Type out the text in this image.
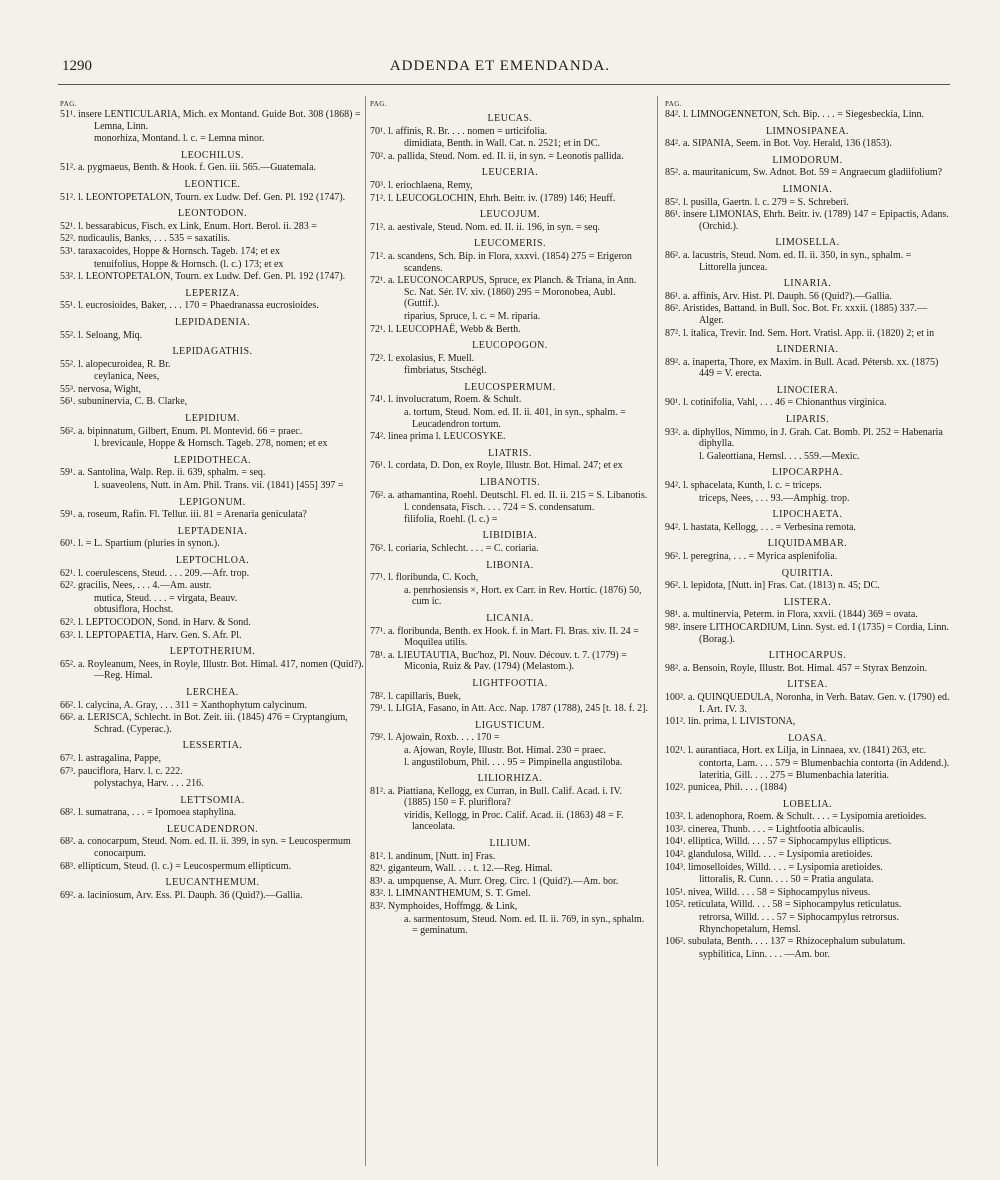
1290	ADDENDA ET EMENDANDA.
PAG.
51¹. insere LENTICULARIA, Mich. ex Montand. Guide Bot. 308 (1868) = Lemna, Linn.
monorhiza, Montand. l. c. = Lemna minor.
LEOCHILUS.
51². a. pygmaeus, Benth. & Hook. f. Gen. iii. 565.—Guatemala.
LEONTICE.
51². l. LEONTOPETALON, Tourn. ex Ludw. Def. Gen. Pl. 192 (1747).
LEONTODON.
52¹. l. bessarabicus, Fisch. ex Link, Enum. Hort. Berol. ii. 283 =
52². nudicaulis, Banks, . . . 535 = saxatilis.
53¹. taraxacoides, Hoppe & Hornsch. Tageb. 174; et ex
tenuifolius, Hoppe & Hornsch. (l. c.) 173; et ex
53². l. LEONTOPETALON, Tourn. ex Ludw. Def. Gen. Pl. 192 (1747).
LEPERIZA.
55¹. l. eucrosioides, Baker, . . . 170 = Phaedranassa eucrosioides.
LEPIDADENIA.
55². l. Seloang, Miq.
LEPIDAGATHIS.
55². l. alopecuroidea, R. Br.
ceylanica, Nees,
55³. nervosa, Wight,
56¹. subuninervia, C. B. Clarke,
LEPIDIUM.
56². a. bipinnatum, Gilbert, Enum. Pl. Montevid. 66 = praec.
l. brevicaule, Hoppe & Hornsch. Tageb. 278, nomen; et ex
LEPIDOTHECA.
59¹. a. Santolina, Walp. Rep. ii. 639, sphalm. = seq.
l. suaveolens, Nutt. in Am. Phil. Trans. vii. (1841) [455] 397 =
LEPIGONUM.
59¹. a. roseum, Rafin. Fl. Tellur. iii. 81 = Arenaria geniculata?
LEPTADENIA.
60¹. l. = L. Spartium (pluries in synon.).
LEPTOCHLOA.
62¹. l. coerulescens, Steud. . . . 209.—Afr. trop.
62². gracilis, Nees, . . . 4.—Am. austr.
mutica, Steud. . . . = virgata, Beauv.
obtusiflora, Hochst.
62². l. LEPTOCODON, Sond. in Harv. & Sond.
63². l. LEPTOPAETIA, Harv. Gen. S. Afr. Pl.
LEPTOTHERIUM.
65². a. Royleanum, Nees, in Royle, Illustr. Bot. Himal. 417, nomen (Quid?).—Reg. Himal.
LERCHEA.
66². l. calycina, A. Gray, . . . 311 = Xanthophytum calycinum.
66². a. LERISCA, Schlecht. in Bot. Zeit. iii. (1845) 476 = Cryptangium, Schrad. (Cyperac.).
LESSERTIA.
67². l. astragalina, Pappe,
67³. pauciflora, Harv. l. c. 222.
polystachya, Harv. . . . 216.
LETTSOMIA.
68². l. sumatrana, . . . = Ipomoea staphylina.
LEUCADENDRON.
68². a. conocarpum, Steud. Nom. ed. II. ii. 399, in syn. = Leucospermum conocarpum.
68³. ellipticum, Steud. (l. c.) = Leucospermum ellipticum.
LEUCANTHEMUM.
69². a. laciniosum, Arv. Ess. Pl. Dauph. 36 (Quid?).—Gallia.
PAG.
LEUCAS.
70¹. l. affinis, R. Br. . . . nomen = urticifolia.
dimidiata, Benth. in Wall. Cat. n. 2521; et in DC.
70². a. pallida, Steud. Nom. ed. II. ii, in syn. = Leonotis pallida.
LEUCERIA.
70³. l. eriochlaena, Remy,
71². l. LEUCOGLOCHIN, Ehrh. Beitr. iv. (1789) 146; Heuff.
LEUCOJUM.
71². a. aestivale, Steud. Nom. ed. II. ii. 196, in syn. = seq.
LEUCOMERIS.
71². a. scandens, Sch. Bip. in Flora, xxxvi. (1854) 275 = Erigeron scandens.
72¹. a. LEUCONOCARPUS, Spruce, ex Planch. & Triana, in Ann. Sc. Nat. Sér. IV. xiv. (1860) 295 = Moronobea, Aubl. (Guttif.).
riparius, Spruce, l. c. = M. riparia.
72¹. l. LEUCOPHAË, Webb & Berth.
LEUCOPOGON.
72². l. exolasius, F. Muell.
fimbriatus, Stschégl.
LEUCOSPERMUM.
74¹. l. involucratum, Roem. & Schult.
a. tortum, Steud. Nom. ed. II. ii. 401, in syn., sphalm. = Leucadendron tortum.
74². linea prima l. LEUCOSYKE.
LIATRIS.
76¹. l. cordata, D. Don, ex Royle, Illustr. Bot. Himal. 247; et ex
LIBANOTIS.
76². a. athamantina, Roehl. Deutschl. Fl. ed. II. ii. 215 = S. Libanotis.
l. condensata, Fisch. . . . 724 = S. condensatum.
filifolia, Roehl. (l. c.) =
LIBIDIBIA.
76². l. coriaria, Schlecht. . . . = C. coriaria.
LIBONIA.
77¹. l. floribunda, C. Koch,
a. penrhosiensis ×, Hort. ex Carr. in Rev. Hortic. (1876) 50, cum ic.
LICANIA.
77¹. a. floribunda, Benth. ex Hook. f. in Mart. Fl. Bras. xiv. II. 24 = Moquilea utilis.
78¹. a. LIEUTAUTIA, Buc'hoz, Pl. Nouv. Découv. t. 7. (1779) = Miconia, Ruiz & Pav. (1794) (Melastom.).
LIGHTFOOTIA.
78². l. capillaris, Buek,
79¹. l. LIGIA, Fasano, in Att. Acc. Nap. 1787 (1788), 245 [t. 18. f. 2].
LIGUSTICUM.
79². l. Ajowain, Roxb. . . . 170 =
a. Ajowan, Royle, Illustr. Bot. Himal. 230 = praec.
l. angustilobum, Phil. . . . 95 = Pimpinella angustiloba.
LILIORHIZA.
81². a. Piattiana, Kellogg, ex Curran, in Bull. Calif. Acad. i. IV. (1885) 150 = F. pluriflora?
viridis, Kellogg, in Proc. Calif. Acad. ii. (1863) 48 = F. lanceolata.
LILIUM.
81². l. andinum, [Nutt. in] Fras.
82¹. giganteum, Wall. . . . t. 12.—Reg. Himal.
83¹. a. umpquense, A. Murr. Oreg. Circ. 1 (Quid?).—Am. bor.
83². l. LIMNANTHEMUM, S. T. Gmel.
83². Nymphoides, Hoffmgg. & Link,
a. sarmentosum, Steud. Nom. ed. II. ii. 769, in syn., sphalm. = geminatum.
PAG.
84². l. LIMNOGENNETON, Sch. Bip. . . . = Siegesbeckia, Linn.
LIMNOSIPANEA.
84². a. SIPANIA, Seem. in Bot. Voy. Herald, 136 (1853).
LIMODORUM.
85². a. mauritanicum, Sw. Adnot. Bot. 59 = Angraecum gladiifolium?
LIMONIA.
85². l. pusilla, Gaertn. l. c. 279 = S. Schreberi.
86¹. insere LIMONIAS, Ehrh. Beitr. iv. (1789) 147 = Epipactis, Adans. (Orchid.).
LIMOSELLA.
86². a. lacustris, Steud. Nom. ed. II. ii. 350, in syn., sphalm. = Littorella juncea.
LINARIA.
86¹. a. affinis, Arv. Hist. Pl. Dauph. 56 (Quid?).—Gallia.
86². Aristides, Battand. in Bull. Soc. Bot. Fr. xxxii. (1885) 337.—Alger.
87². l. italica, Trevir. Ind. Sem. Hort. Vratisl. App. ii. (1820) 2; et in
LINDERNIA.
89². a. inaperta, Thore, ex Maxim. in Bull. Acad. Pétersb. xx. (1875) 449 = V. erecta.
LINOCIERA.
90¹. l. cotinifolia, Vahl, . . . 46 = Chionanthus virginica.
LIPARIS.
93². a. diphyllos, Nimmo, in J. Grah. Cat. Bomb. Pl. 252 = Habenaria diphylla.
l. Galeottiana, Hemsl. . . . 559.—Mexic.
LIPOCARPHA.
94². l. sphacelata, Kunth, l. c. = triceps.
triceps, Nees, . . . 93.—Amphig. trop.
LIPOCHAETA.
94². l. hastata, Kellogg, . . . = Verbesina remota.
LIQUIDAMBAR.
96². l. peregrina, . . . = Myrica asplenifolia.
QUIRITIA.
96². l. lepidota, [Nutt. in] Fras. Cat. (1813) n. 45; DC.
LISTERA.
98¹. a. multinervia, Peterm. in Flora, xxvii. (1844) 369 = ovata.
98². insere LITHOCARDIUM, Linn. Syst. ed. I (1735) = Cordia, Linn. (Borag.).
LITHOCARPUS.
98². a. Bensoin, Royle, Illustr. Bot. Himal. 457 = Styrax Benzoin.
LITSEA.
100². a. QUINQUEDULA, Noronha, in Verh. Batav. Gen. v. (1790) ed. I. Art. IV. 3.
101². lin. prima, l. LIVISTONA,
LOASA.
102¹. l. aurantiaca, Hort. ex Lilja, in Linnaea, xv. (1841) 263, etc.
contorta, Lam. . . . 579 = Blumenbachia contorta (in Addend.).
lateritia, Gill. . . . 275 = Blumenbachia lateritia.
102². punicea, Phil. . . . (1884)
LOBELIA.
103². l. adenophora, Roem. & Schult. . . . = Lysipomia aretioides.
103². cinerea, Thunb. . . . = Lightfootia albicaulis.
104¹. elliptica, Willd. . . . 57 = Siphocampylus ellipticus.
104². glandulosa, Willd. . . . = Lysipomia aretioides.
104³. limoselloides, Willd. . . . = Lysipomia aretioides.
littoralis, R. Cunn. . . . 50 = Pratia angulata.
105¹. nivea, Willd. . . . 58 = Siphocampylus niveus.
105². reticulata, Willd. . . . 58 = Siphocampylus reticulatus.
retrorsa, Willd. . . . 57 = Siphocampylus retrorsus.
Rhynchopetalum, Hemsl.
106². subulata, Benth. . . . 137 = Rhizocephalum subulatum.
syphilitica, Linn. . . . —Am. bor.
